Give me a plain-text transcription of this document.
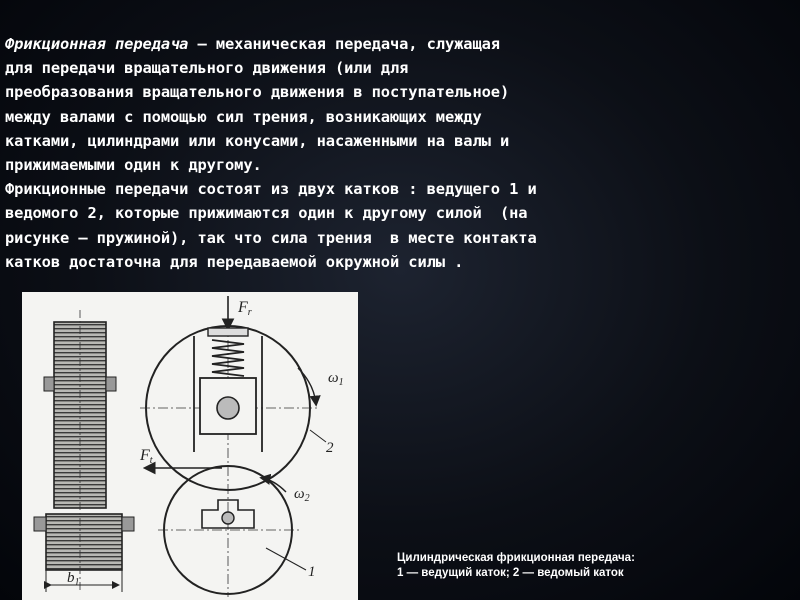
Фрикционная передача – механическая передача, служащая
для передачи вращательного движения (или для
преобразования вращательного движения в поступательное)
между валами с помощью сил трения, возникающих между
катками, цилиндрами или конусами, насаженными на валы и
прижимаемыми один к другому.
Фрикционные передачи состоят из двух катков : ведущего 1 и
ведомого 2, которые прижимаются один к другому силой  (на
рисунке – пружиной), так что сила трения  в месте контакта
катков достаточна для передаваемой окружной силы .
$b_1$
Fr
$\omega_1$
2
Ft
$\omega_2$
1
Цилиндрическая фрикционная передача:
1 — ведущий каток; 2 — ведомый каток
